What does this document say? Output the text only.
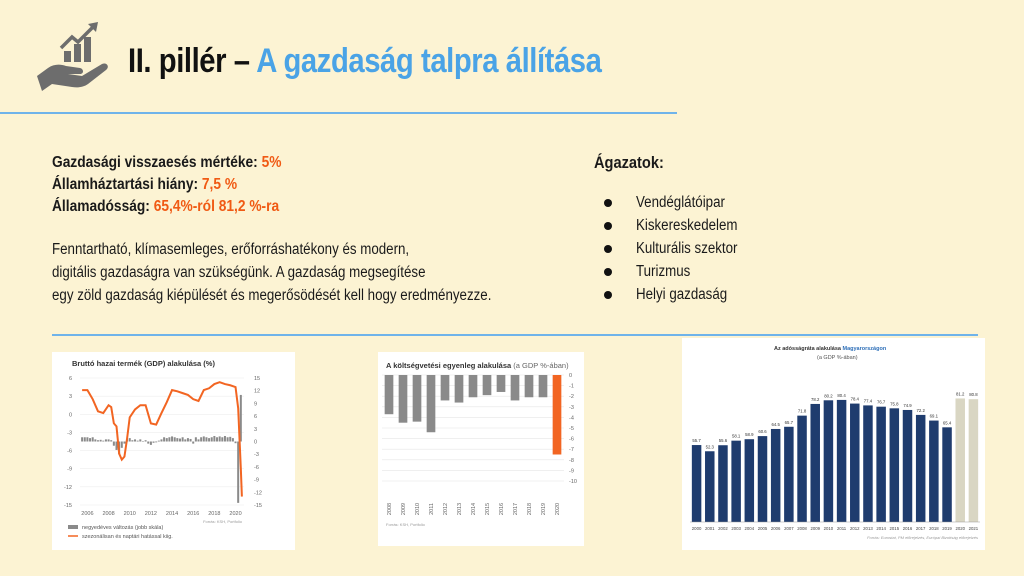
II. pillér – A gazdaság talpra állítása
Gazdasági visszaesés mértéke: 5%
Államháztartási hiány: 7,5 %
Államadósság: 65,4%-ról 81,2 %-ra
Fenntartható, klímasemleges, erőforráshatékony és modern,
digitális gazdaságra van szükségünk. A gazdaság megsegítése
egy zöld gazdaság kiépülését és megerősödését kell hogy eredményezze.
Ágazatok:
Vendéglátóipar
Kiskereskedelem
Kulturális szektor
Turizmus
Helyi gazdaság
Bruttó hazai termék (GDP) alakulása (%)
6
3
0
-3
-6
-9
-12
-15
15
12
9
6
3
0
-3
-6
-9
-12
-15
2006 2008 2010 2012 2014 2016 2018 2020
negyedéves változás (jobb skála)
szezonálisan és naptári hatással kiig.
Forrás: KSH, Portfolio
A költségvetési egyenleg alakulása (a GDP %-ában)
0
-1
-2
-3
-4
-5
-6
-7
-8
-9
-10
2008 2009 2010 2011 2012 2013 2014 2015 2016 2017 2018 2019 2020
Forrás: KSH, Portfolio
Az adósságráta alakulása Magyarországon
(a GDP %-ában)
55.7
2000
52.3
2001
55.6
2002
58.1
2003
58.9
2004
60.6
2005
64.5
2006
65.7
2007
71.8
2008
78.2
2009
80.2
2010
80.4
2011
78.4
2012
77.4
2013
76.7
2014
75.8
2015
74.9
2016
72.2
2017
69.1
2018
65.4
2019
81.2
2020
80.8
2021
Forrás: Eurostat, PM előrejelzés, Európai Bizottság előrejelzés
